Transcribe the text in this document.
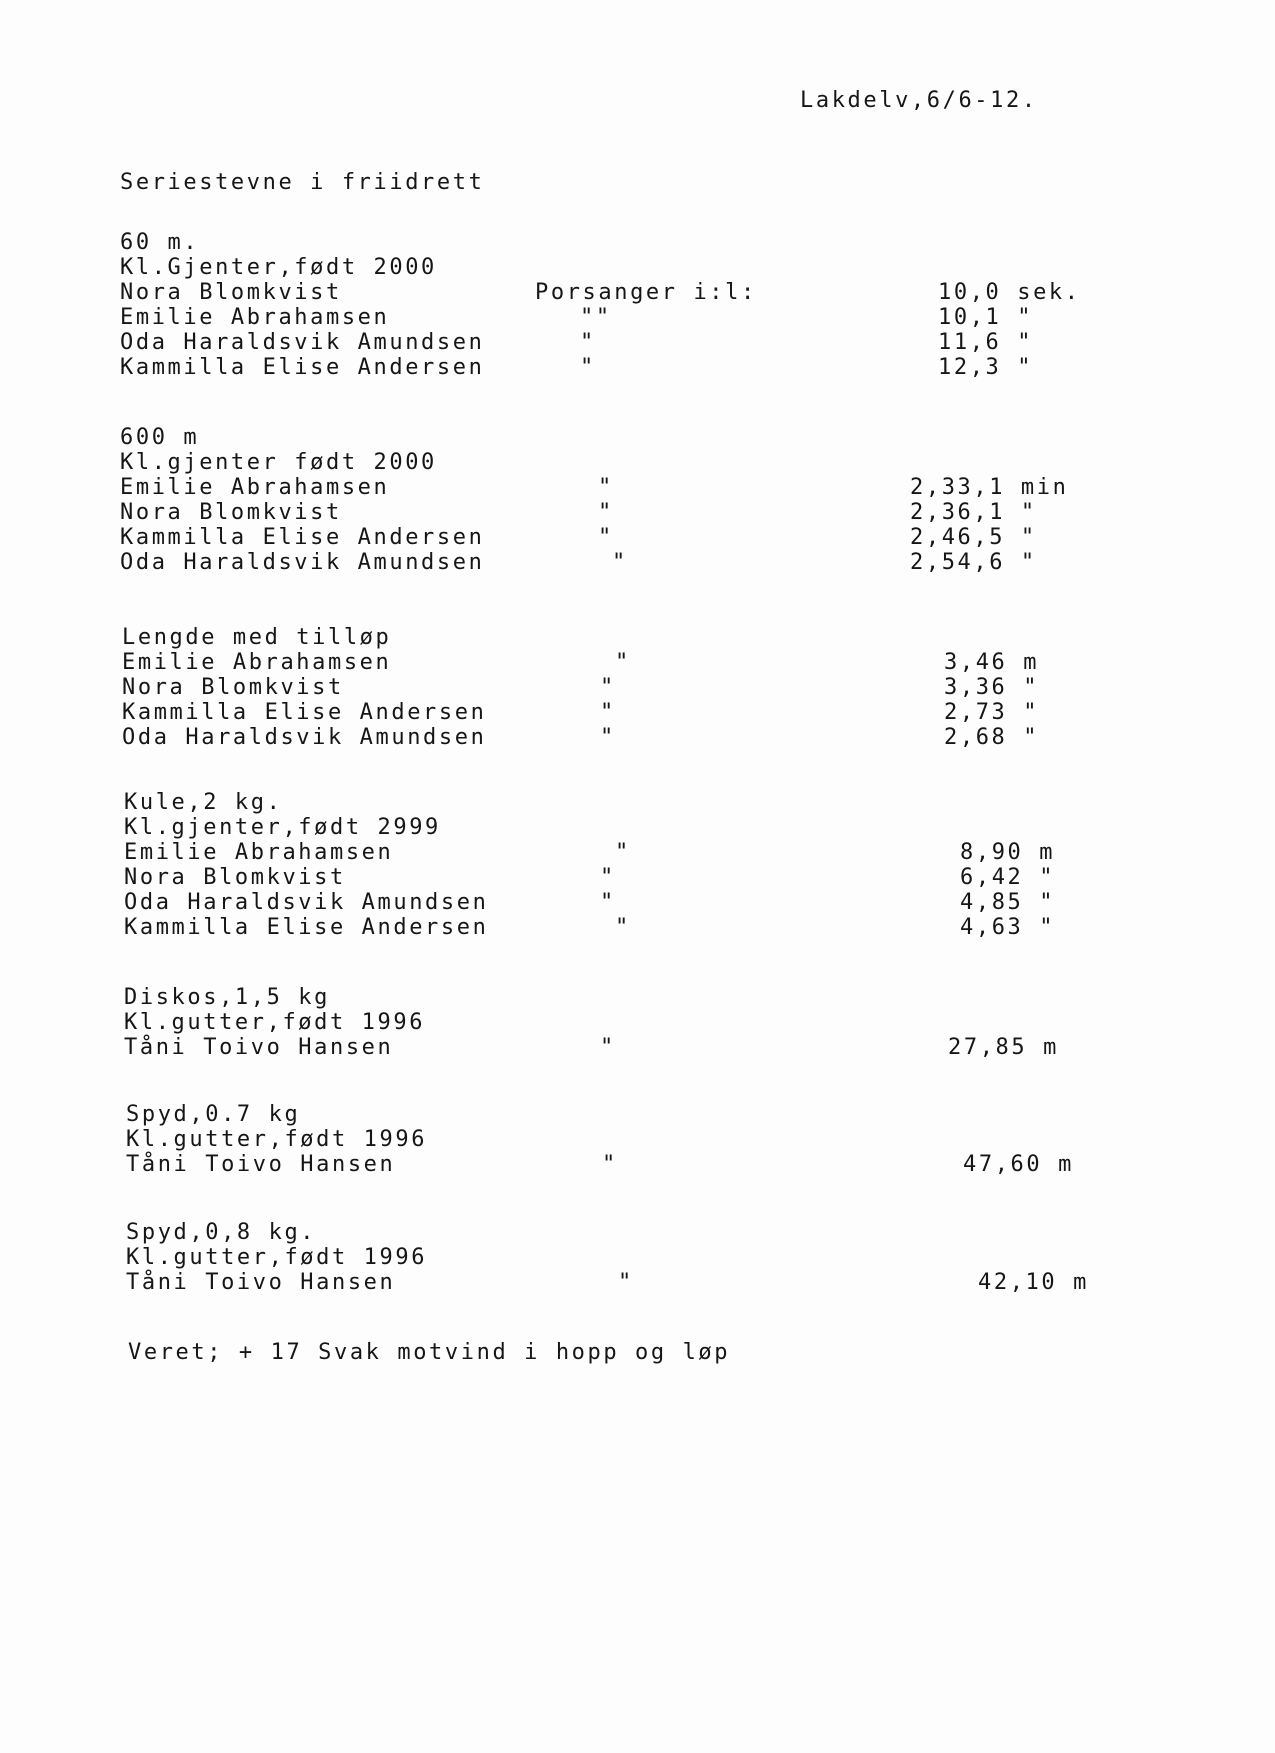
Lakdelv,6/6-12.
Seriestevne i friidrett
60 m.
Kl.Gjenter,født 2000
Nora Blomkvist	Porsanger i:l:	10,0 sek.
Emilie Abrahamsen	""	10,1 "
Oda Haraldsvik Amundsen	"	11,6 "
Kammilla Elise Andersen	"	12,3 "
600 m
Kl.gjenter født 2000
Emilie Abrahamsen	"	2,33,1 min
Nora Blomkvist	"	2,36,1 "
Kammilla Elise Andersen	"	2,46,5 "
Oda Haraldsvik Amundsen	"	2,54,6 "
Lengde med tilløp
Emilie Abrahamsen	"	3,46 m
Nora Blomkvist	"	3,36 "
Kammilla Elise Andersen	"	2,73 "
Oda Haraldsvik Amundsen	"	2,68 "
Kule,2 kg.
Kl.gjenter,født 2999
Emilie Abrahamsen	"	8,90 m
Nora Blomkvist	"	6,42 "
Oda Haraldsvik Amundsen	"	4,85 "
Kammilla Elise Andersen	"	4,63 "
Diskos,1,5 kg
Kl.gutter,født 1996
Tåni Toivo Hansen	"	27,85 m
Spyd,0.7 kg
Kl.gutter,født 1996
Tåni Toivo Hansen	"	47,60 m
Spyd,0,8 kg.
Kl.gutter,født 1996
Tåni Toivo Hansen	"	42,10 m
Veret; + 17 Svak motvind i hopp og løp
